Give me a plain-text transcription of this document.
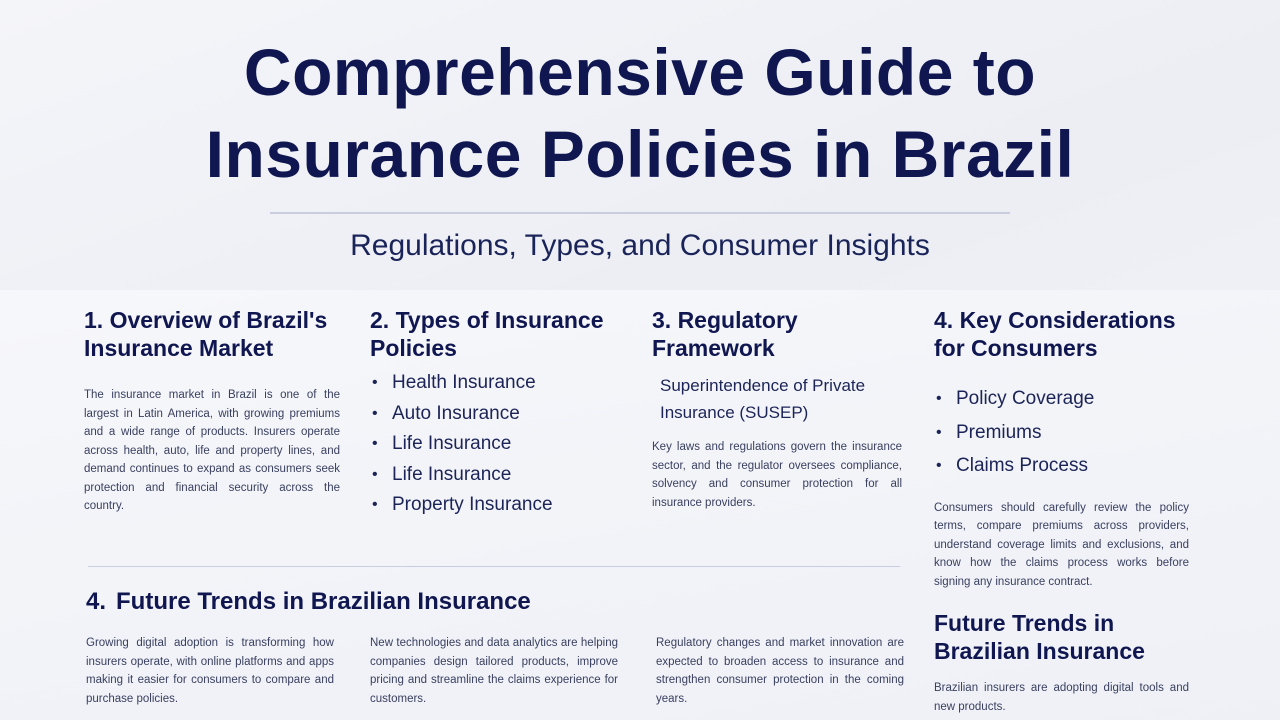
Comprehensive Guide to
Insurance Policies in Brazil
Regulations, Types, and Consumer Insights
1. Overview of Brazil's Insurance Market

The insurance market in Brazil is one of the largest in Latin America, with growing premiums and a wide range of products. Insurers operate across health, auto, life and property lines, and demand continues to expand as consumers seek protection and financial security across the country.

2. Types of Insurance Policies
• Health Insurance
• Auto Insurance
• Life Insurance
• Life Insurance
• Property Insurance
3. Regulatory Framework

Superintendence of Private Insurance (SUSEP)

Key laws and regulations govern the insurance sector, and the regulator oversees compliance, solvency and consumer protection for all insurance providers.

4. Key Considerations for Consumers
• Policy Coverage
• Premiums
• Claims Process

Consumers should carefully review the policy terms, compare premiums across providers, understand coverage limits and exclusions, and know how the claims process works before signing any insurance contract.

Future Trends in Brazilian Insurance

Brazilian insurers are adopting digital tools and new products.

4. Future Trends in Brazilian Insurance

Growing digital adoption is transforming how insurers operate, with online platforms and apps making it easier for consumers to compare and purchase policies.

New technologies and data analytics are helping companies design tailored products, improve pricing and streamline the claims experience for customers.

Regulatory changes and market innovation are expected to broaden access to insurance and strengthen consumer protection in the coming years.
